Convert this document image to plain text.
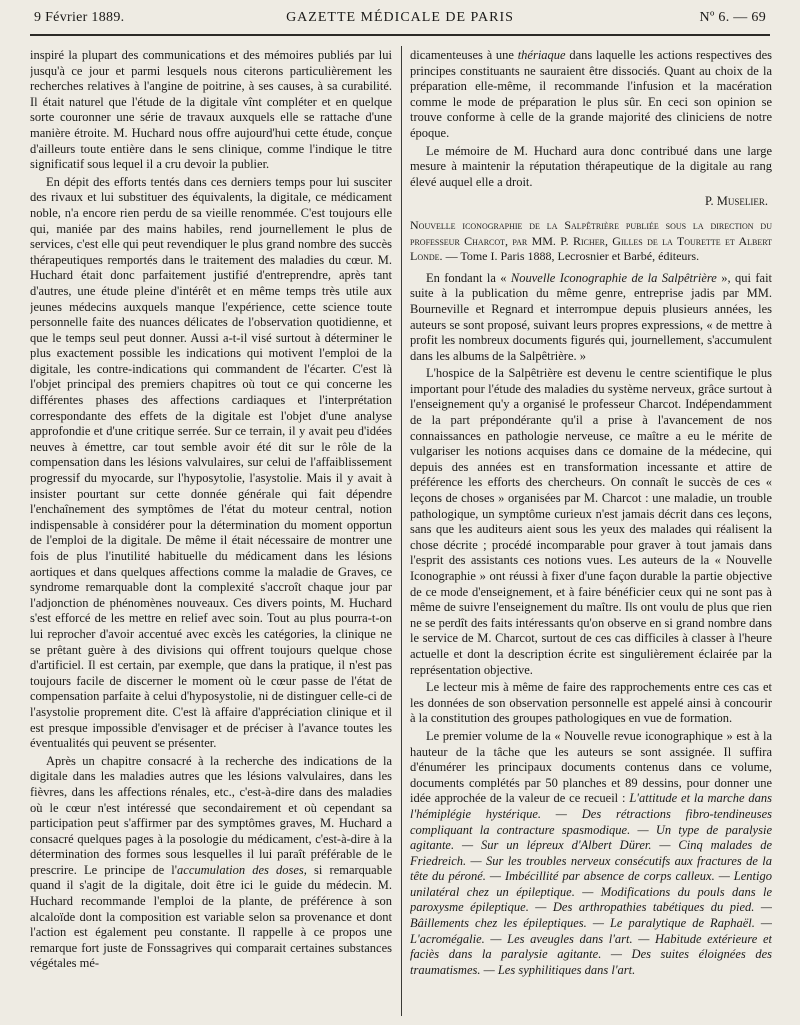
9 Février 1889.	GAZETTE MÉDICALE DE PARIS	Nº 6. — 69

inspiré la plupart des communications et des mémoires publiés par lui jusqu'à ce jour et parmi lesquels nous citerons particulièrement les recherches relatives à l'angine de poitrine, à ses causes, à sa curabilité. Il était naturel que l'étude de la digitale vînt compléter et en quelque sorte couronner une série de travaux auxquels elle se rattache d'une manière étroite. M. Huchard nous offre aujourd'hui cette étude, conçue d'ailleurs toute entière dans le sens clinique, comme l'indique le titre significatif sous lequel il a cru devoir la publier.

En dépit des efforts tentés dans ces derniers temps pour lui susciter des rivaux et lui substituer des équivalents, la digitale, ce médicament noble, n'a encore rien perdu de sa vieille renommée. C'est toujours elle qui, maniée par des mains habiles, rend journellement le plus de services, c'est elle qui peut revendiquer le plus grand nombre des succès thérapeutiques remportés dans le traitement des maladies du cœur. M. Huchard était donc parfaitement justifié d'entreprendre, après tant d'autres, une étude pleine d'intérêt et en même temps très utile aux jeunes médecins auxquels manque l'expérience, cette science toute personnelle faite des nuances délicates de l'observation quotidienne, et que le temps seul peut donner. Aussi a-t-il visé surtout à déterminer le plus exactement possible les indications qui motivent l'emploi de la digitale, les contre-indications qui commandent de l'écarter. C'est là l'objet principal des premiers chapitres où tout ce qui concerne les différentes phases des affections cardiaques et l'interprétation correspondante des effets de la digitale est l'objet d'une analyse approfondie et d'une critique serrée. Sur ce terrain, il y avait peu d'idées neuves à émettre, car tout semble avoir été dit sur le rôle de la compensation dans les lésions valvulaires, sur celui de l'affaiblissement progressif du myocarde, sur l'hyposytolie, l'asystolie. Mais il y avait à insister pourtant sur cette donnée générale qui fait dépendre l'enchaînement des symptômes de l'état du moteur central, notion indispensable à considérer pour la détermination du moment opportun de l'emploi de la digitale. De même il était nécessaire de montrer une fois de plus l'inutilité habituelle du médicament dans les lésions aortiques et dans quelques affections comme la maladie de Graves, ce syndrome remarquable dont la complexité s'accroît chaque jour par l'adjonction de phénomènes nouveaux. Ces divers points, M. Huchard s'est efforcé de les mettre en relief avec soin. Tout au plus pourra-t-on lui reprocher d'avoir accentué avec excès les catégories, la clinique ne se prêtant guère à des divisions qui offrent toujours quelque chose d'artificiel. Il est certain, par exemple, que dans la pratique, il n'est pas toujours facile de discerner le moment où le cœur passe de l'état de compensation parfaite à celui d'hyposystolie, ni de distinguer celle-ci de l'asystolie proprement dite. C'est là affaire d'appréciation clinique et il est presque impossible d'envisager et de préciser à l'avance toutes les éventualités qui peuvent se présenter.

Après un chapitre consacré à la recherche des indications de la digitale dans les maladies autres que les lésions valvulaires, dans les fièvres, dans les affections rénales, etc., c'est-à-dire dans des maladies où le cœur n'est intéressé que secondairement et où cependant sa participation peut s'affirmer par des symptômes graves, M. Huchard a consacré quelques pages à la posologie du médicament, c'est-à-dire à la détermination des formes sous lesquelles il lui paraît préférable de le prescrire. Le principe de l'accumulation des doses, si remarquable quand il s'agit de la digitale, doit être ici le guide du médecin. M. Huchard recommande l'emploi de la plante, de préférence à son alcaloïde dont la composition est variable selon sa provenance et dont l'action est également peu constante. Il rappelle à ce propos une remarque fort juste de Fonssagrives qui comparait certaines substances végétales mé-

dicamenteuses à une thériaque dans laquelle les actions respectives des principes constituants ne sauraient être dissociés. Quant au choix de la préparation elle-même, il recommande l'infusion et la macération comme le mode de préparation le plus sûr. En ceci son opinion se trouve conforme à celle de la grande majorité des cliniciens de notre époque.

Le mémoire de M. Huchard aura donc contribué dans une large mesure à maintenir la réputation thérapeutique de la digitale au rang élevé auquel elle a droit.

P. Muselier.

Nouvelle iconographie de la Salpêtrière publiée sous la direction du professeur Charcot, par MM. P. Richer, Gilles de la Tourette et Albert Londe. — Tome I. Paris 1888, Lecrosnier et Barbé, éditeurs.

En fondant la « Nouvelle Iconographie de la Salpêtrière », qui fait suite à la publication du même genre, entreprise jadis par MM. Bourneville et Regnard et interrompue depuis plusieurs années, les auteurs se sont proposé, suivant leurs propres expressions, « de mettre à profit les nombreux documents figurés qui, journellement, s'accumulent dans les albums de la Salpêtrière. »

L'hospice de la Salpêtrière est devenu le centre scientifique le plus important pour l'étude des maladies du système nerveux, grâce surtout à l'enseignement qu'y a organisé le professeur Charcot. Indépendamment de la part prépondérante qu'il a prise à l'avancement de nos connaissances en pathologie nerveuse, ce maître a eu le mérite de vulgariser les notions acquises dans ce domaine de la médecine, qui depuis des années est en transformation incessante et attire de préférence les efforts des chercheurs. On connaît le succès de ces « leçons de choses » organisées par M. Charcot : une maladie, un trouble pathologique, un symptôme curieux n'est jamais décrit dans ces leçons, sans que les auditeurs aient sous les yeux des malades qui réalisent la chose décrite ; procédé incomparable pour graver à tout jamais dans l'esprit des assistants ces notions vues. Les auteurs de la « Nouvelle Iconographie » ont réussi à fixer d'une façon durable la partie objective de ce mode d'enseignement, et à faire bénéficier ceux qui ne sont pas à même de suivre l'enseignement du maître. Ils ont voulu de plus que rien ne se perdît des faits intéressants qu'on observe en si grand nombre dans le service de M. Charcot, surtout de ces cas difficiles à classer à l'heure actuelle et dont la description écrite est singulièrement éclairée par la représentation objective.

Le lecteur mis à même de faire des rapprochements entre ces cas et les données de son observation personnelle est appelé ainsi à concourir à la constitution des groupes pathologiques en vue de formation.

Le premier volume de la « Nouvelle revue iconographique » est à la hauteur de la tâche que les auteurs se sont assignée. Il suffira d'énumérer les principaux documents contenus dans ce volume, documents complétés par 50 planches et 89 dessins, pour donner une idée approchée de la valeur de ce recueil : L'attitude et la marche dans l'hémiplégie hystérique. — Des rétractions fibro-tendineuses compliquant la contracture spasmodique. — Un type de paralysie agitante. — Sur un lépreux d'Albert Dürer. — Cinq malades de Friedreich. — Sur les troubles nerveux consécutifs aux fractures de la tête du péroné. — Imbécillité par absence de corps calleux. — Lentigo unilatéral chez un épileptique. — Modifications du pouls dans le paroxysme épileptique. — Des arthropathies tabétiques du pied. — Bâillements chez les épileptiques. — Le paralytique de Raphaël. — L'acromégalie. — Les aveugles dans l'art. — Habitude extérieure et faciès dans la paralysie agitante. — Des suites éloignées des traumatismes. — Les syphilitiques dans l'art.
